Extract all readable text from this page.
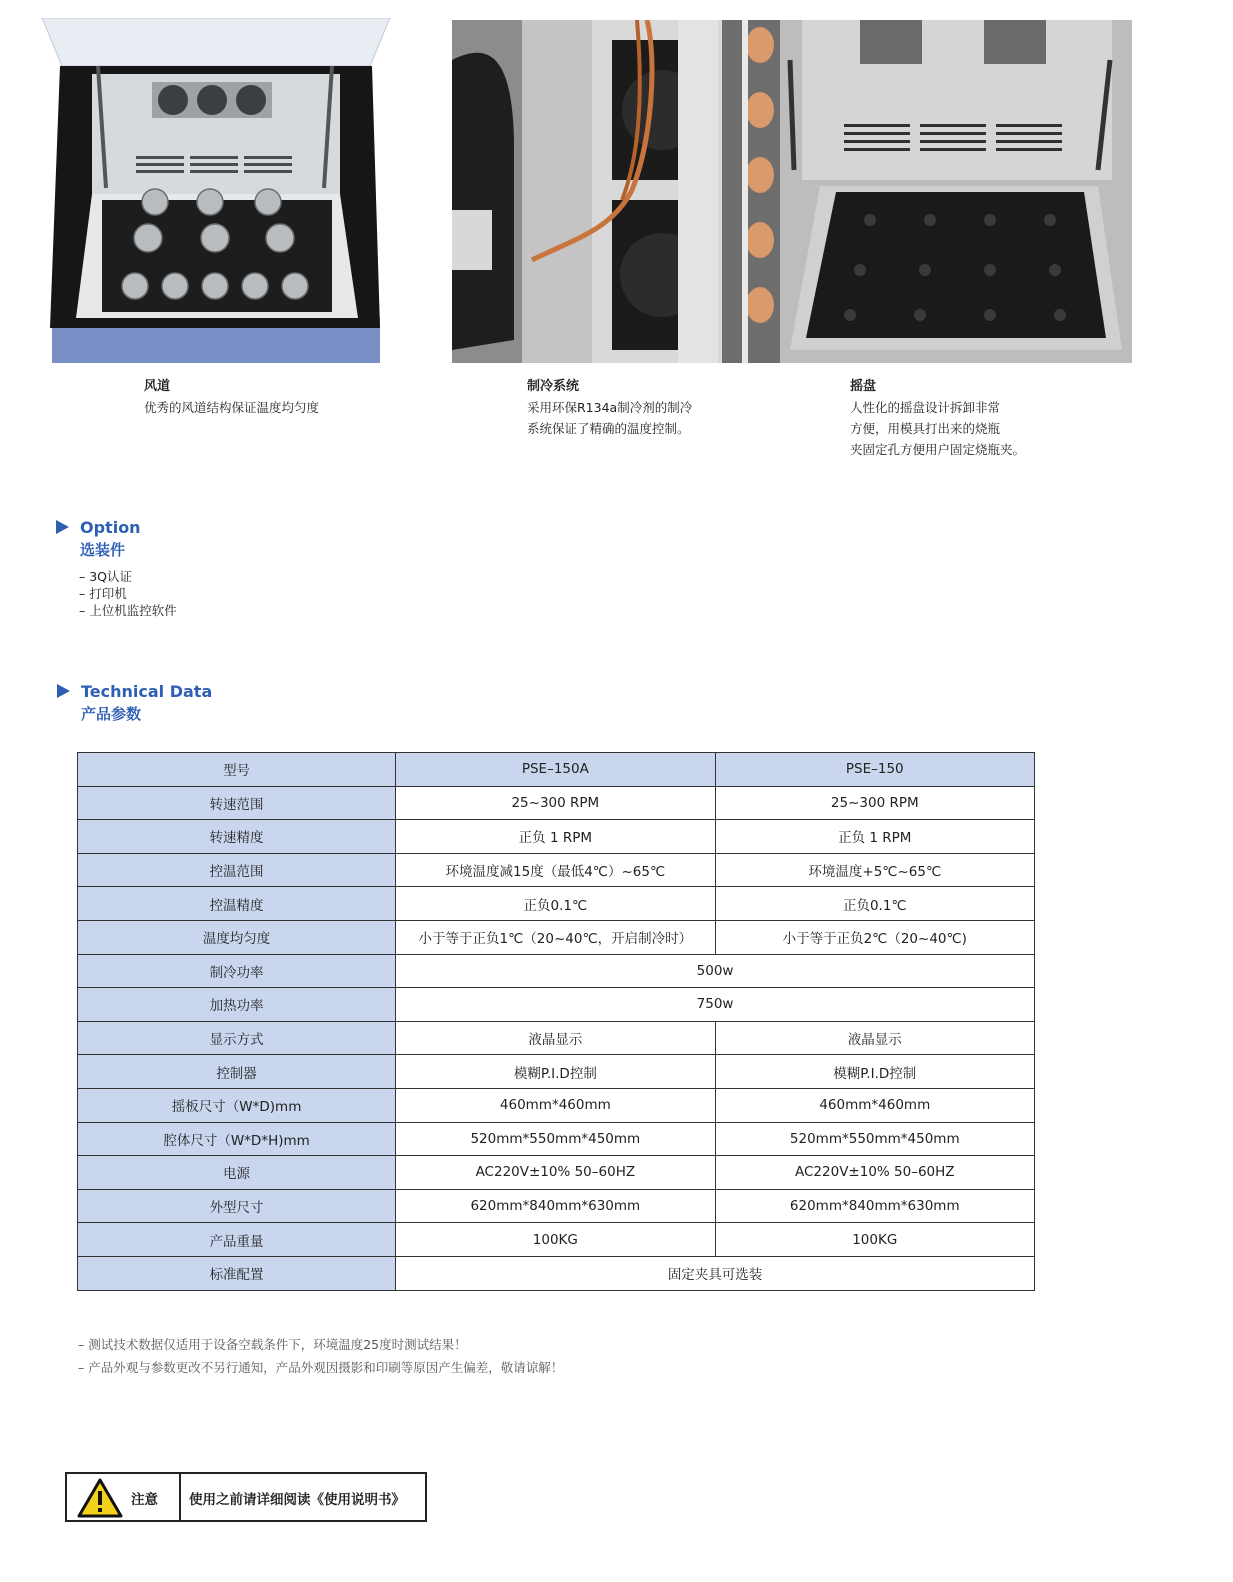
风道
优秀的风道结构保证温度均匀度
制冷系统
采用环保R134a制冷剂的制冷
系统保证了精确的温度控制。
摇盘
人性化的摇盘设计拆卸非常
方便，用模具打出来的烧瓶
夹固定孔方便用户固定烧瓶夹。
Option
选装件
– 3Q认证
– 打印机
– 上位机监控软件
Technical Data
产品参数
型号	PSE–150A	PSE–150
转速范围	25~300 RPM	25~300 RPM
转速精度	正负 1 RPM	正负 1 RPM
控温范围	环境温度减15度（最低4℃）~65℃	环境温度+5℃~65℃
控温精度	正负0.1℃	正负0.1℃
温度均匀度	小于等于正负1℃（20~40℃，开启制冷时）	小于等于正负2℃（20~40℃)
制冷功率	500w	
加热功率	750w	
显示方式	液晶显示	液晶显示
控制器	模糊P.I.D控制	模糊P.I.D控制
摇板尺寸（W*D)mm	460mm*460mm	460mm*460mm
腔体尺寸（W*D*H)mm	520mm*550mm*450mm	520mm*550mm*450mm
电源	AC220V±10% 50–60HZ	AC220V±10% 50–60HZ
外型尺寸	620mm*840mm*630mm	620mm*840mm*630mm
产品重量	100KG	100KG
标准配置	固定夹具可选装	
– 测试技术数据仅适用于设备空载条件下，环境温度25度时测试结果！
– 产品外观与参数更改不另行通知，产品外观因摄影和印刷等原因产生偏差，敬请谅解！
注意 使用之前请详细阅读《使用说明书》
